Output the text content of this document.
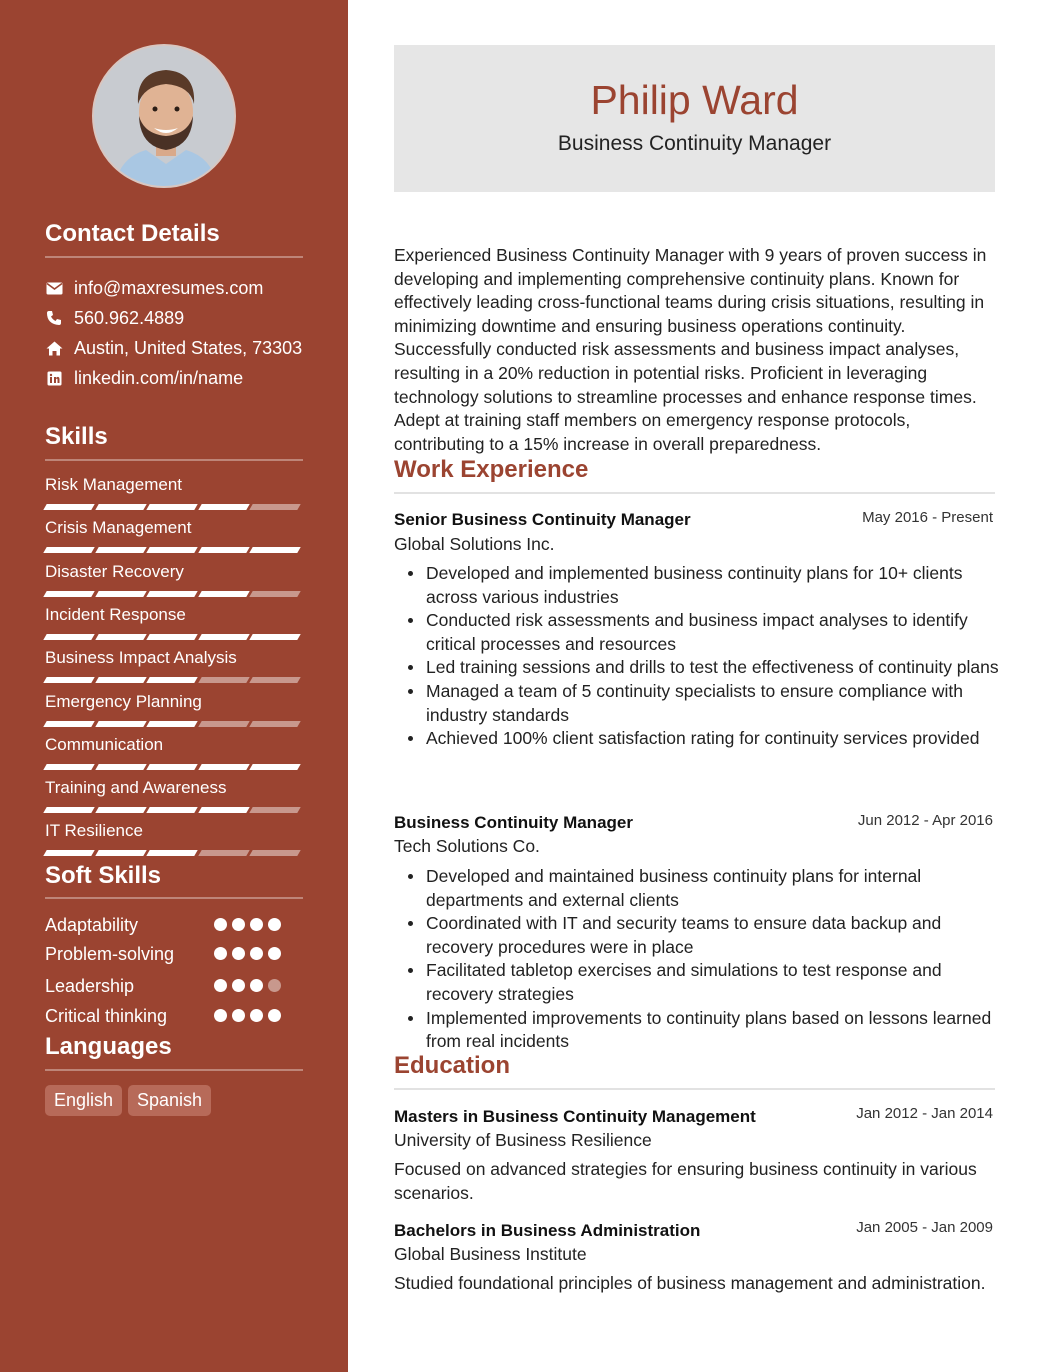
Contact Details
info@maxresumes.com
560.962.4889
Austin, United States, 73303
linkedin.com/in/name
Skills
Risk Management
Crisis Management
Disaster Recovery
Incident Response
Business Impact Analysis
Emergency Planning
Communication
Training and Awareness
IT Resilience
Soft Skills
Adaptability
Problem-solving
Leadership
Critical thinking
Languages
English	Spanish
Philip Ward
Business Continuity Manager
Experienced Business Continuity Manager with 9 years of proven success in developing and implementing comprehensive continuity plans. Known for effectively leading cross-functional teams during crisis situations, resulting in minimizing downtime and ensuring business operations continuity. Successfully conducted risk assessments and business impact analyses, resulting in a 20% reduction in potential risks. Proficient in leveraging technology solutions to streamline processes and enhance response times. Adept at training staff members on emergency response protocols, contributing to a 15% increase in overall preparedness.
Work Experience
Senior Business Continuity Manager	May 2016 - Present
Global Solutions Inc.
Developed and implemented business continuity plans for 10+ clients across various industries
Conducted risk assessments and business impact analyses to identify critical processes and resources
Led training sessions and drills to test the effectiveness of continuity plans
Managed a team of 5 continuity specialists to ensure compliance with industry standards
Achieved 100% client satisfaction rating for continuity services provided
Business Continuity Manager	Jun 2012 - Apr 2016
Tech Solutions Co.
Developed and maintained business continuity plans for internal departments and external clients
Coordinated with IT and security teams to ensure data backup and recovery procedures were in place
Facilitated tabletop exercises and simulations to test response and recovery strategies
Implemented improvements to continuity plans based on lessons learned from real incidents
Education
Masters in Business Continuity Management	Jan 2012 - Jan 2014
University of Business Resilience
Focused on advanced strategies for ensuring business continuity in various scenarios.
Bachelors in Business Administration	Jan 2005 - Jan 2009
Global Business Institute
Studied foundational principles of business management and administration.
